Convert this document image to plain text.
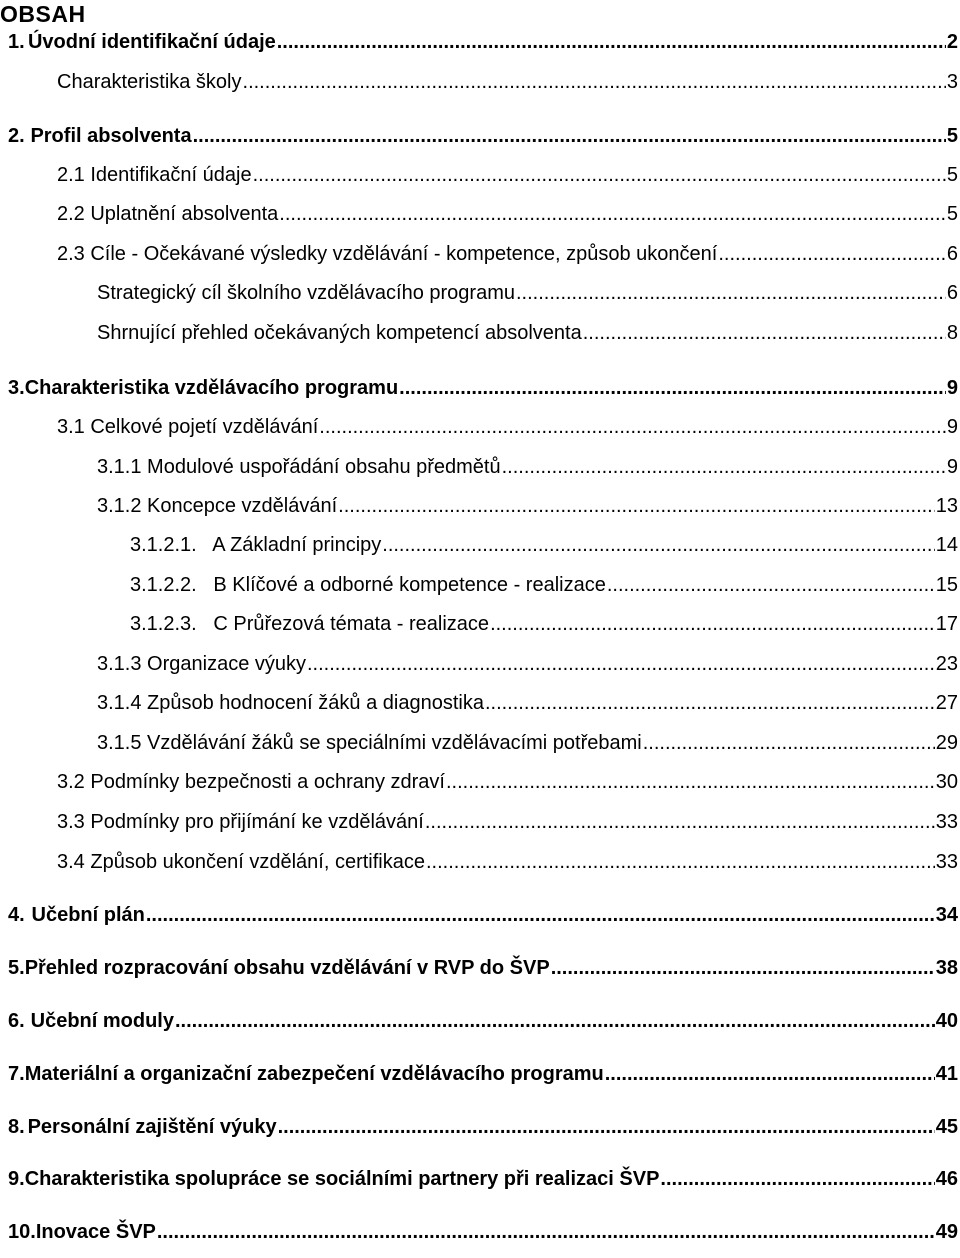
OBSAH
1. Úvodní identifikační údaje .....	2
Charakteristika školy .....	3
2. Profil absolventa .....	5
2.1 Identifikační údaje .....	5
2.2 Uplatnění absolventa .....	5
2.3 Cíle - Očekávané výsledky vzdělávání - kompetence, způsob ukončení .....	6
Strategický cíl školního vzdělávacího programu .....	6
Shrnující přehled očekávaných kompetencí absolventa .....	8
3. Charakteristika vzdělávacího programu .....	9
3.1 Celkové pojetí vzdělávání .....	9
3.1.1 Modulové uspořádání obsahu předmětů .....	9
3.1.2 Koncepce vzdělávání .....	13
3.1.2.1.   A Základní principy .....	14
3.1.2.2.   B Klíčové a odborné kompetence - realizace .....	15
3.1.2.3.   C Průřezová témata - realizace .....	17
3.1.3 Organizace výuky .....	23
3.1.4 Způsob hodnocení žáků a diagnostika .....	27
3.1.5 Vzdělávání žáků se speciálními vzdělávacími potřebami .....	29
3.2 Podmínky bezpečnosti a ochrany zdraví .....	30
3.3 Podmínky pro přijímání ke vzdělávání .....	33
3.4 Způsob ukončení vzdělání, certifikace .....	33
4. Učební plán .....	34
5. Přehled rozpracování obsahu vzdělávání v RVP do ŠVP .....	38
6. Učební moduly .....	40
7. Materiální a organizační zabezpečení vzdělávacího programu .....	41
8. Personální zajištění výuky .....	45
9. Charakteristika spolupráce se sociálními partnery při realizaci ŠVP .....	46
10. Inovace ŠVP .....	49
